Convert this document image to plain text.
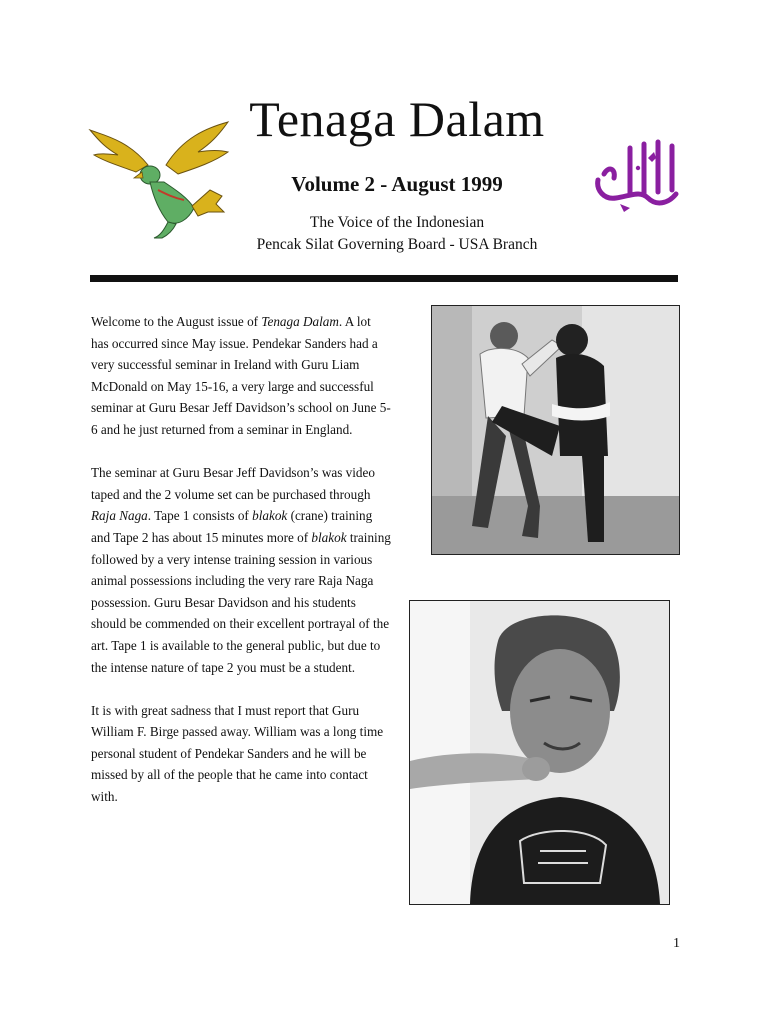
Tenaga Dalam
Volume 2 - August 1999
The Voice of the Indonesian
Pencak Silat Governing Board - USA Branch

Welcome to the August issue of Tenaga Dalam. A lot has occurred since May issue. Pendekar Sanders had a very successful seminar in Ireland with Guru Liam McDonald on May 15-16, a very large and successful seminar at Guru Besar Jeff Davidson’s school on June 5-6 and he just returned from a seminar in England.

The seminar at Guru Besar Jeff Davidson’s was video taped and the 2 volume set can be purchased through Raja Naga. Tape 1 consists of blakok (crane) training and Tape 2 has about 15 minutes more of blakok training followed by a very intense training session in various animal possessions including the very rare Raja Naga possession. Guru Besar Davidson and his students should be commended on their excellent portrayal of the art. Tape 1 is available to the general public, but due to the intense nature of tape 2 you must be a student.

It is with great sadness that I must report that Guru William F. Birge passed away. William was a long time personal student of Pendekar Sanders and he will be missed by all of the people that he came into contact with.

1
